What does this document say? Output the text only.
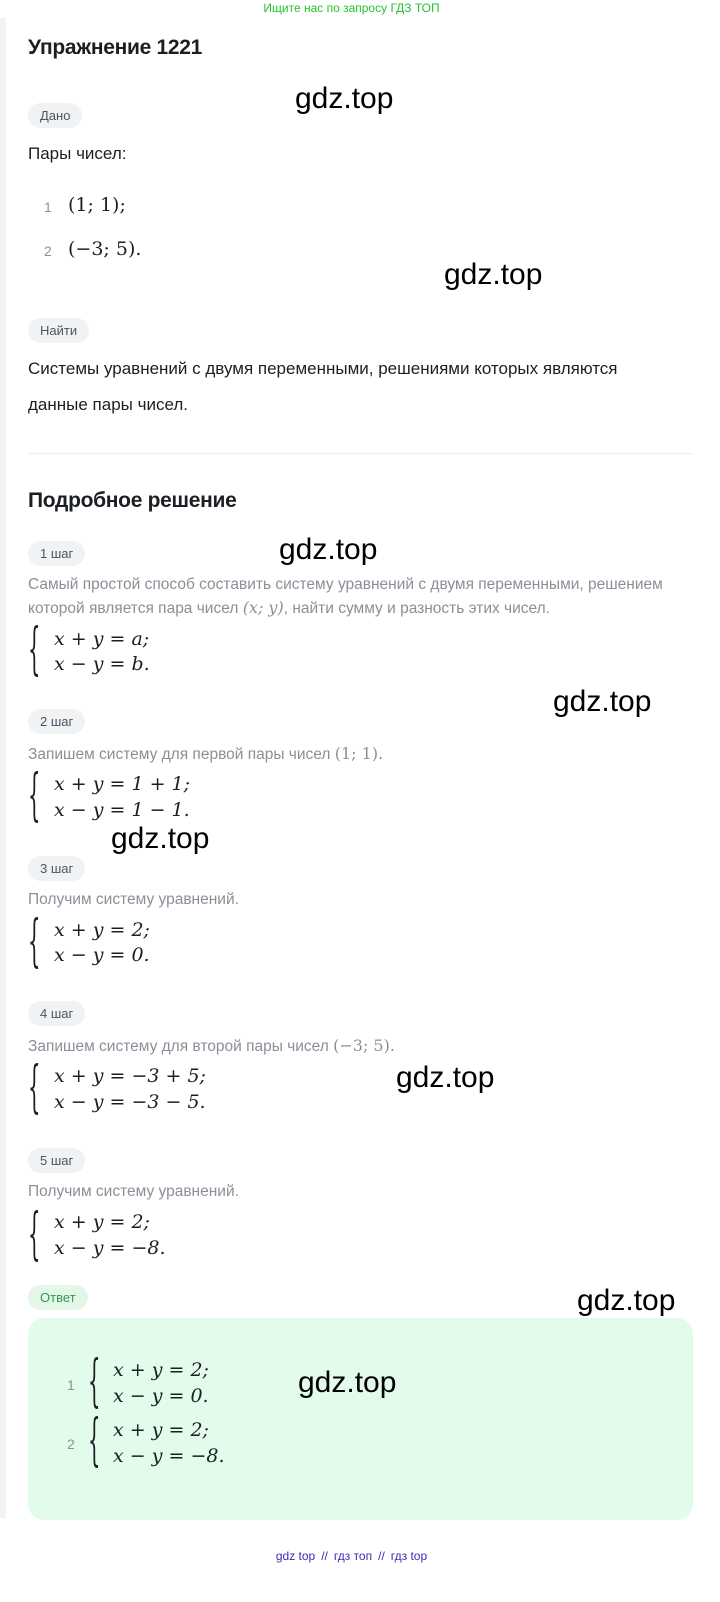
Ищите нас по запросу ГДЗ ТОП
Упражнение 1221
Дано
Пары чисел:
1 (1; 1);
2 (−3; 5).
Найти
Системы уравнений с двумя переменными, решениями которых являются
данные пары чисел.
Подробное решение
1 шаг
Самый простой способ составить систему уравнений с двумя переменными, решением
которой является пара чисел (x; y), найти сумму и разность этих чисел.
{ x + y = a;
x − y = b.
2 шаг
Запишем систему для первой пары чисел (1; 1).
{ x + y = 1 + 1;
x − y = 1 − 1.
3 шаг
Получим систему уравнений.
{ x + y = 2;
x − y = 0.
4 шаг
Запишем систему для второй пары чисел (−3; 5).
{ x + y = −3 + 5;
x − y = −3 − 5.
5 шаг
Получим систему уравнений.
{ x + y = 2;
x − y = −8.
Ответ
1 { x + y = 2;
x − y = 0.
2 { x + y = 2;
x − y = −8.
gdz.top
gdz.top
gdz.top
gdz.top
gdz.top
gdz.top
gdz.top
gdz.top
gdz top // гдз топ // гдз top
